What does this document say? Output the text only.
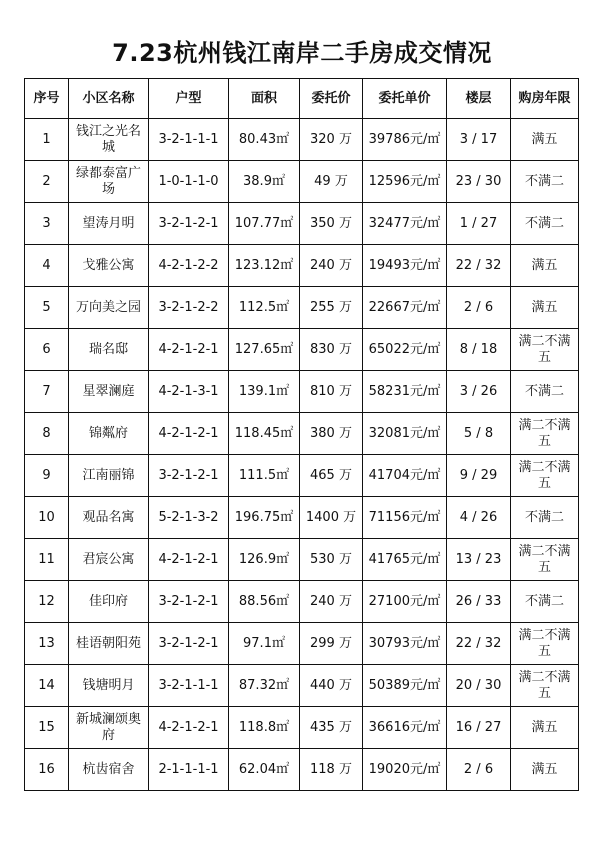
7.23杭州钱江南岸二手房成交情况
序号	小区名称	户型	面积	委托价	委托单价	楼层	购房年限
1	钱江之光名城	3-2-1-1-1	80.43㎡	320 万	39786元/㎡	3 / 17	满五
2	绿都泰富广场	1-0-1-1-0	38.9㎡	49 万	12596元/㎡	23 / 30	不满二
3	望涛月明	3-2-1-2-1	107.77㎡	350 万	32477元/㎡	1 / 27	不满二
4	戈雅公寓	4-2-1-2-2	123.12㎡	240 万	19493元/㎡	22 / 32	满五
5	万向美之园	3-2-1-2-2	112.5㎡	255 万	22667元/㎡	2 / 6	满五
6	瑞名邸	4-2-1-2-1	127.65㎡	830 万	65022元/㎡	8 / 18	满二不满五
7	星翠澜庭	4-2-1-3-1	139.1㎡	810 万	58231元/㎡	3 / 26	不满二
8	锦粼府	4-2-1-2-1	118.45㎡	380 万	32081元/㎡	5 / 8	满二不满五
9	江南丽锦	3-2-1-2-1	111.5㎡	465 万	41704元/㎡	9 / 29	满二不满五
10	观品名寓	5-2-1-3-2	196.75㎡	1400 万	71156元/㎡	4 / 26	不满二
11	君宸公寓	4-2-1-2-1	126.9㎡	530 万	41765元/㎡	13 / 23	满二不满五
12	佳印府	3-2-1-2-1	88.56㎡	240 万	27100元/㎡	26 / 33	不满二
13	桂语朝阳苑	3-2-1-2-1	97.1㎡	299 万	30793元/㎡	22 / 32	满二不满五
14	钱塘明月	3-2-1-1-1	87.32㎡	440 万	50389元/㎡	20 / 30	满二不满五
15	新城澜颂奥府	4-2-1-2-1	118.8㎡	435 万	36616元/㎡	16 / 27	满五
16	杭齿宿舍	2-1-1-1-1	62.04㎡	118 万	19020元/㎡	2 / 6	满五
